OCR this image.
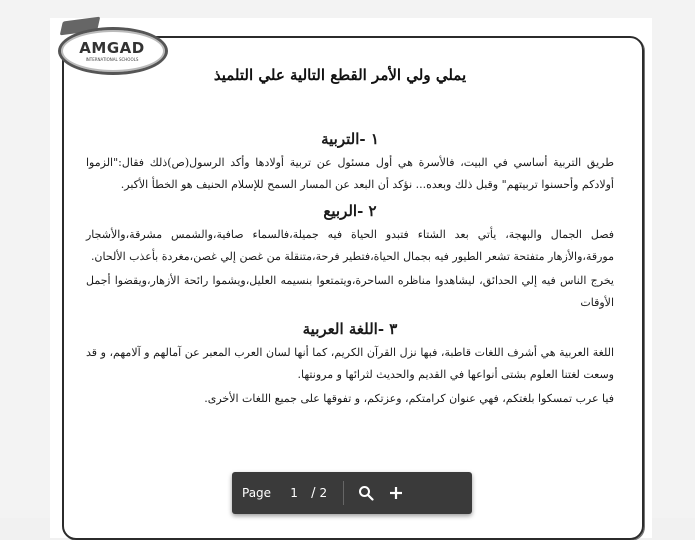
AMGAD
INTERNATIONAL SCHOOLS
يملي ولي الأمر القطع التالية علي التلميذ
١ -التربية

طريق التربية أساسي في البيت، فالأسرة هي أول مسئول عن تربية أولادها وأكد الرسول(ص)ذلك فقال:"الزموا أولادكم وأحسنوا تربيتهم" وقبل ذلك وبعده... نؤكد أن البعد عن المسار السمح للإسلام الحنيف هو الخطأ الأكبر.

٢ -الربيع

فصل الجمال والبهجة، يأتي بعد الشتاء فتبدو الحياة فيه جميلة،فالسماء صافية،والشمس مشرقة،والأشجار مورقة،والأزهار متفتحة تشعر الطيور فيه بجمال الحياة،فتطير فرحة،متنقلة من غصن إلي غصن،مغردة بأعذب الألحان.

يخرج الناس فيه إلي الحدائق، ليشاهدوا مناظره الساحرة،ويتمتعوا بنسيمه العليل،ويشموا رائحة الأزهار،ويقضوا أجمل الأوقات

٣ -اللغة العربية

اللغة العربية هي أشرف اللغات قاطبة، فبها نزل القرآن الكريم، كما أنها لسان العرب المعبر عن آمالهم و آلامهم، و قد وسعت لغتنا العلوم بشتى أنواعها في القديم والحديث لثرائها و مرونتها.

فيا عرب تمسكوا بلغتكم، فهي عنوان كرامتكم، وعزتكم، و تفوقها على جميع اللغات الأخرى.

Page
1	/ 2
